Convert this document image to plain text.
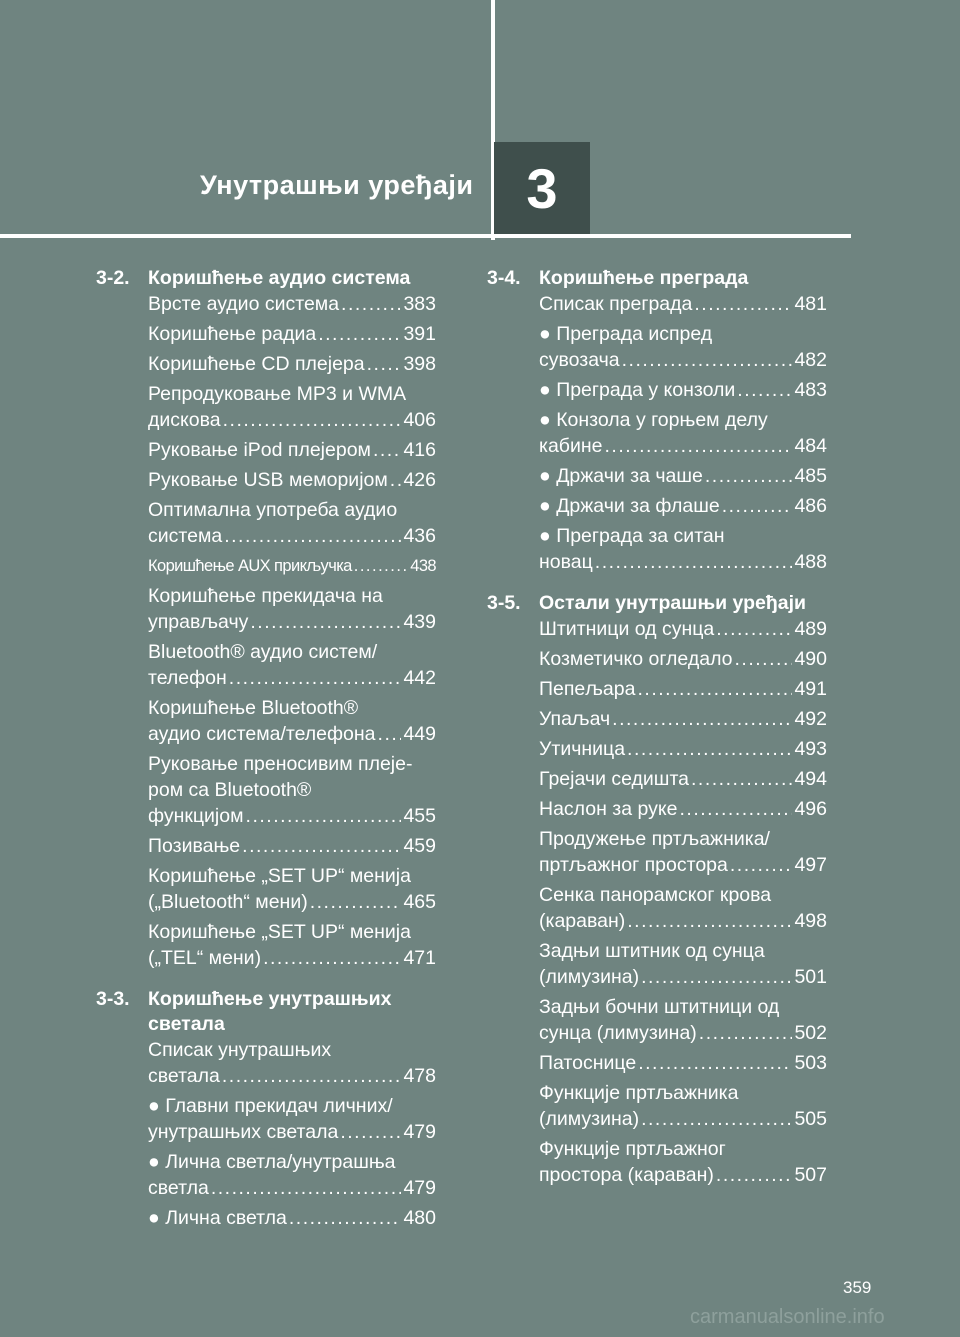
Унутрашњи уређаји 3
3-2. Коришћење аудио система
Врсте аудио система .....	383
Коришћење радиа .....	391
Коришћење CD плејера ..... 398
Репродуковање MP3 и WMA
дискова .....	406
Руковање iPod плејером ..... 416
Руковање USB меморијом ..... 426
Оптимална употреба аудио
система .....	436
Коришћење AUX прикључка .....	438
Коришћење прекидача на
управљачу .....	439
Bluetooth® аудио систем/
телефон .....	442
Коришћење Bluetooth®
аудио система/телефона ..... 449
Руковање преносивим плеје-
ром са Bluetooth®
функцијом .....	455
Позивање .....	459
Коришћење „SET UP“ менија
(„Bluetooth“ мени) .....	465
Коришћење „SET UP“ менија
(„TEL“ мени) .....	471
3-3. Коришћење унутрашњих светала
Списак унутрашњих
светала .....	478
● Главни прекидач личних/
унутрашњих светала .....	479
● Лична светла/унутрашња
светла .....	479
● Лична светла .....	480
3-4. Коришћење преграда
Списак преграда .....	481
● Преграда испред
сувозача .....	482
● Преграда у конзоли .....	483
● Конзола у горњем делу
кабине .....	484
● Држачи за чаше .....	485
● Држачи за флаше .....	486
● Преграда за ситан
новац .....	488
3-5. Остали унутрашњи уређаји
Штитници од сунца .....	489
Козметичко огледало .....	490
Пепељара .....	491
Упаљач .....	492
Утичница .....	493
Грејачи седишта .....	494
Наслон за руке .....	496
Продужење пртљажника/
пртљажног простора .....	497
Сенка панорамског крова
(караван) .....	498
Задњи штитник од сунца
(лимузина) .....	501
Задњи бочни штитници од
сунца (лимузина) .....	502
Патоснице .....	503
Функције пртљажника
(лимузина) .....	505
Функције пртљажног
простора (караван) .....	507
359
carmanualsonline.info
